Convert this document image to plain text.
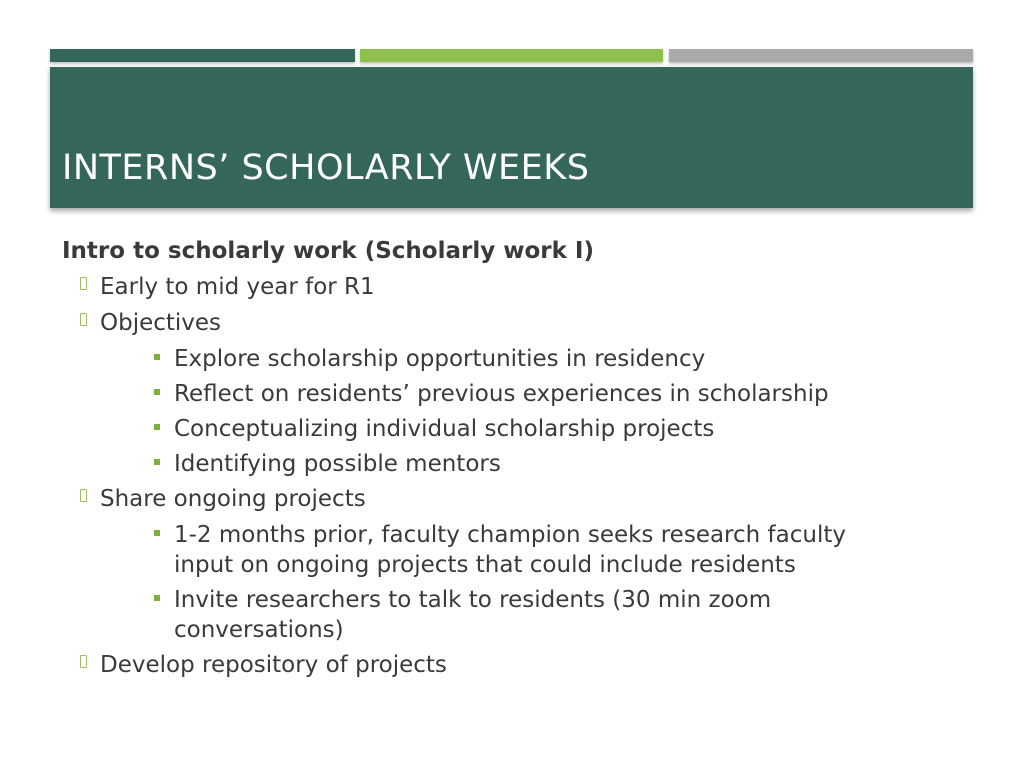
INTERNS’ SCHOLARLY WEEKS
Intro to scholarly work (Scholarly work I)
Early to mid year for R1
Objectives
Explore scholarship opportunities in residency
Reflect on residents’ previous experiences in scholarship
Conceptualizing individual scholarship projects
Identifying possible mentors
Share ongoing projects
1-2 months prior, faculty champion seeks research faculty input on ongoing projects that could include residents
Invite researchers to talk to residents (30 min zoom conversations)
Develop repository of projects
